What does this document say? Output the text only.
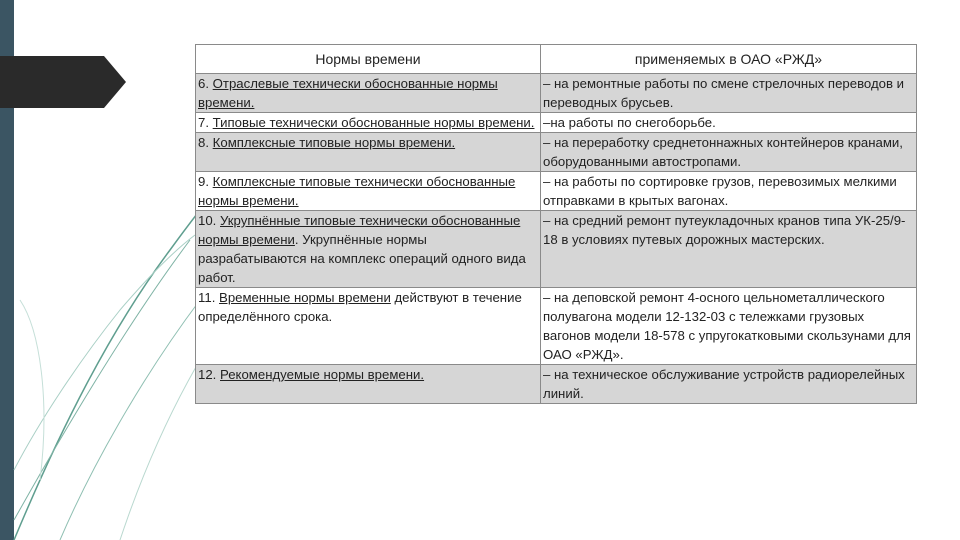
Нормы времени	применяемых в ОАО «РЖД»
6. Отраслевые технически обоснованные нормы времени.	– на ремонтные работы по смене стрелочных переводов и переводных брусьев.
7. Типовые технически обоснованные нормы времени.	–на работы по снегоборьбе.
8. Комплексные типовые нормы времени.	– на переработку среднетоннажных контейнеров кранами, оборудованными автостропами.
9. Комплексные типовые технически обоснованные нормы времени.	– на работы по сортировке грузов, перевозимых мелкими отправками в крытых вагонах.
10. Укрупнённые типовые технически обоснованные нормы времени. Укрупнённые нормы разрабатываются на комплекс операций одного вида работ.	– на средний ремонт путеукладочных кранов типа УК-25/9-18 в условиях путевых дорожных мастерских.
11. Временные нормы времени действуют в течение определённого срока.	– на деповской ремонт 4-осного цельнометаллического полувагона модели 12-132-03 с тележками грузовых вагонов модели 18-578 с упругокатковыми скользунами для ОАО «РЖД».
12. Рекомендуемые нормы времени.	– на техническое обслуживание устройств радиорелейных линий.
